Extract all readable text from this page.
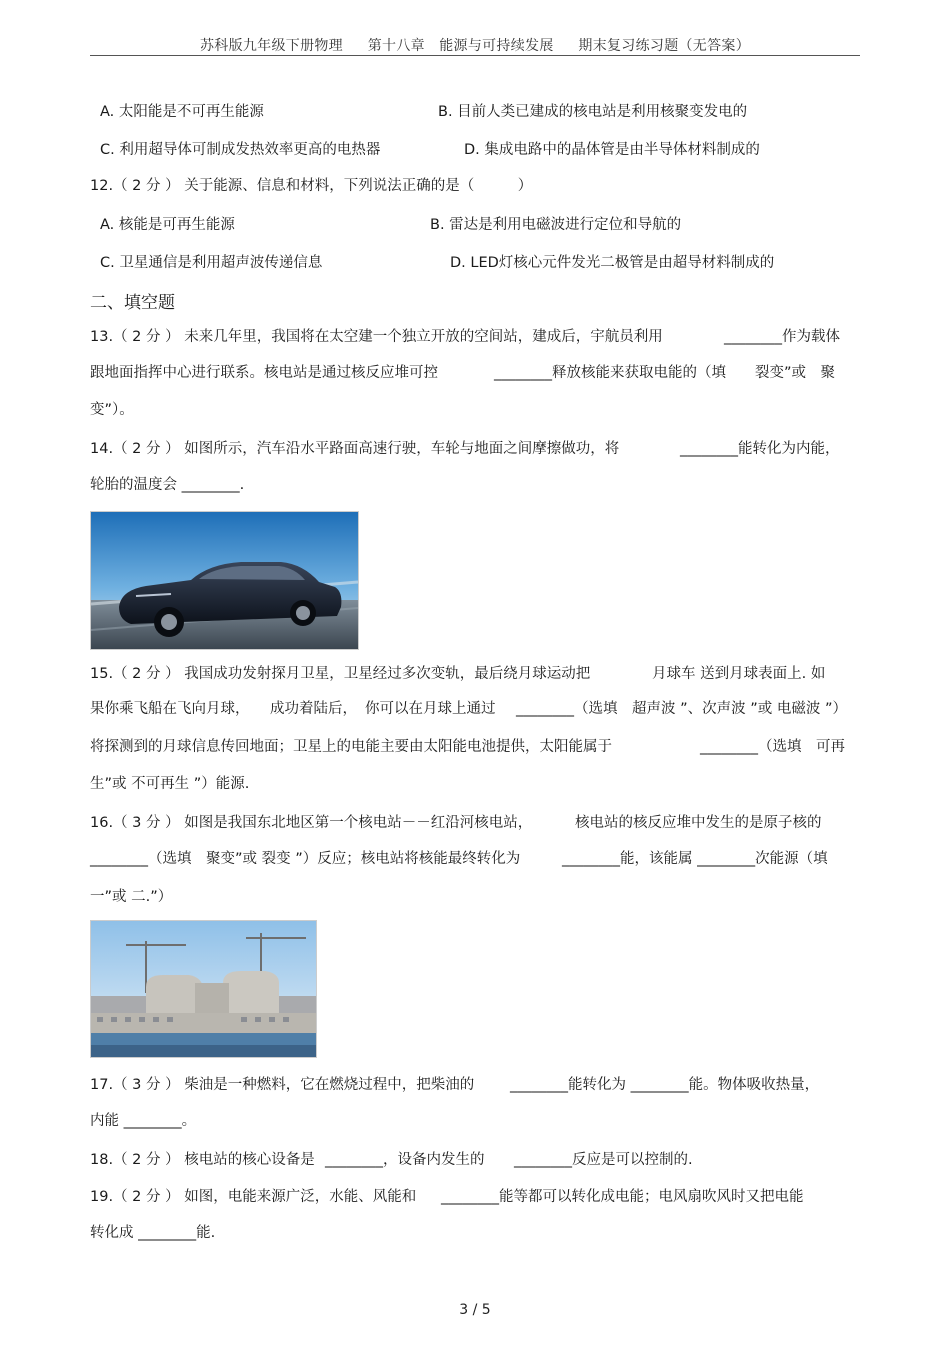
苏科版九年级下册物理 第十八章　能源与可持续发展 期末复习练习题（无答案）
A. 太阳能是不可再生能源	B. 目前人类已建成的核电站是利用核聚变发电的
C. 利用超导体可制成发热效率更高的电热器	D. 集成电路中的晶体管是由半导体材料制成的
12.（ 2 分 ） 关于能源、信息和材料，下列说法正确的是（　　　）
A. 核能是可再生能源	B. 雷达是利用电磁波进行定位和导航的
C. 卫星通信是利用超声波传递信息	D. LED灯核心元件发光二极管是由超导材料制成的
二、填空题
13.（ 2 分 ） 未来几年里，我国将在太空建一个独立开放的空间站，建成后，宇航员利用	________作为载体
跟地面指挥中心进行联系。核电站是通过核反应堆可控	________释放核能来获取电能的（填　　裂变”或　聚
变”）。
14.（ 2 分 ） 如图所示，汽车沿水平路面高速行驶，车轮与地面之间摩擦做功，将	________能转化为内能，
轮胎的温度会 ________.
15.（ 2 分 ） 我国成功发射探月卫星，卫星经过多次变轨，最后绕月球运动把	月球车 送到月球表面上. 如
果你乘飞船在飞向月球， 成功着陆后， 你可以在月球上通过 ________（选填　超声波 ”、次声波 ”或 电磁波 ”）
将探测到的月球信息传回地面；卫星上的电能主要由太阳能电池提供，太阳能属于	________（选填　可再
生”或 不可再生 ”）能源.
16.（ 3 分 ） 如图是我国东北地区第一个核电站－－红沿河核电站，	核电站的核反应堆中发生的是原子核的
________（选填　聚变”或 裂变 ”）反应；核电站将核能最终转化为	________能，该能属 ________次能源（填
一”或 二.”）
17.（ 3 分 ） 柴油是一种燃料，它在燃烧过程中，把柴油的 ________能转化为 ________能。物体吸收热量，
内能 ________。
18.（ 2 分 ） 核电站的核心设备是 ________，设备内发生的 ________反应是可以控制的.
19.（ 2 分 ） 如图，电能来源广泛，水能、风能和 ________能等都可以转化成电能；电风扇吹风时又把电能
转化成 ________能.
3 / 5
